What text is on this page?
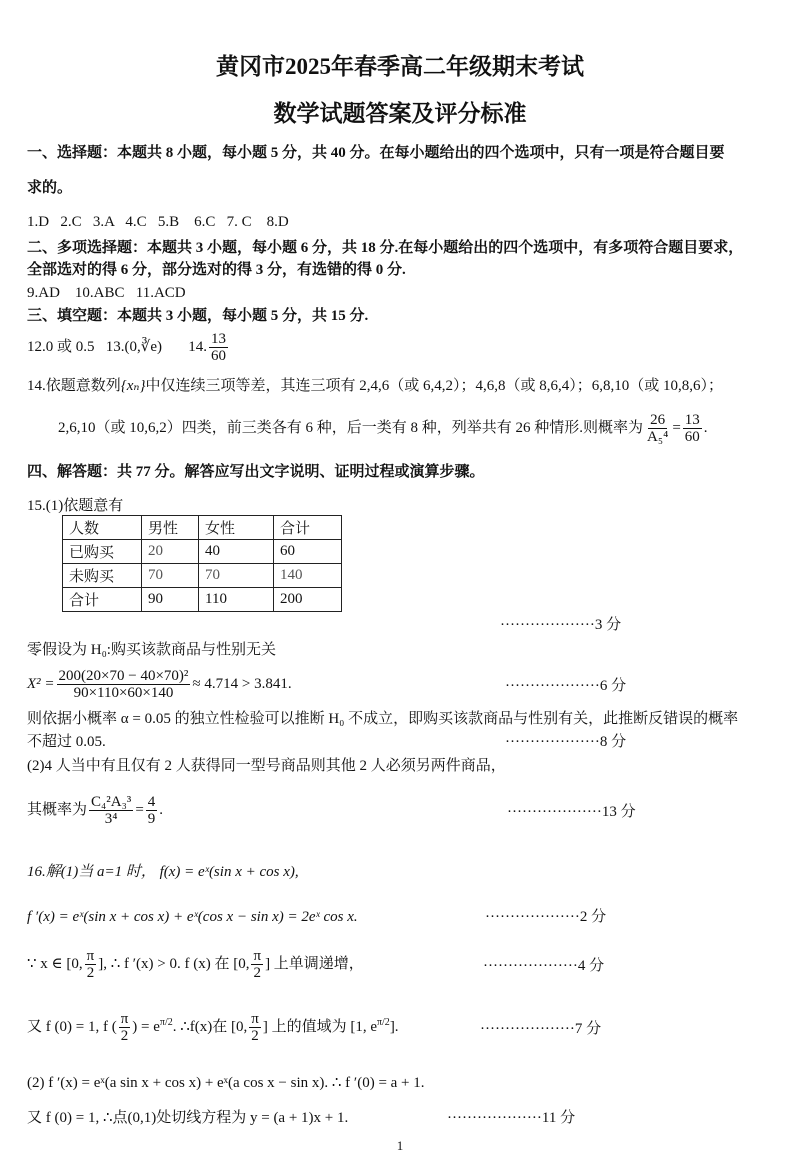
黄冈市2025年春季高二年级期末考试
数学试题答案及评分标准
一、选择题：本题共 8 小题，每小题 5 分，共 40 分。在每小题给出的四个选项中，只有一项是符合题目要
求的。
1.D   2.C   3.A   4.C   5.B    6.C   7. C    8.D
二、多项选择题：本题共 3 小题，每小题 6 分，共 18 分.在每小题给出的四个选项中，有多项符合题目要求，
全部选对的得 6 分，部分选对的得 3 分，有选错的得 0 分.
9.AD    10.ABC   11.ACD
三、填空题：本题共 3 小题，每小题 5 分，共 15 分.
12.0 或 0.5 13.(0,∛e) 14. $\frac{13}{60}$
14.依题意数列{xₙ}中仅连续三项等差，其连三项有 2,4,6（或 6,4,2）；4,6,8（或 8,6,4）；6,8,10（或 10,8,6）；
2,6,10（或 10,6,2）四类，前三类各有 6 种，后一类有 8 种，列举共有 26 种情形.则概率为 $\frac{26}{\text{A₅⁴}} = \frac{13}{60}$ .
四、解答题：共 77 分。解答应写出文字说明、证明过程或演算步骤。
15.(1)依题意有
人数	男性	女性	合计
已购买	20	40	60
未购买	70	70	140
合计	90	110	200
···················3 分
零假设为 H₀:购买该款商品与性别无关
$X^2 = \frac{\text{200(20×70 − 40×70)²}}{90\times 110\times 60\times 140} \approx 4.714 > 3.841$.	···················6 分
则依据小概率 α = 0.05 的独立性检验可以推断 H₀ 不成立，即购买该款商品与性别有关，此推断反错误的概率
不超过 0.05.	···················8 分
(2)4 人当中有且仅有 2 人获得同一型号商品则其他 2 人必须另两件商品，
其概率为 $\frac{\text{C₄²A₃³}}{\text{3⁴}} = \frac{4}{9}$ .	···················13 分
16.解(1)当 a=1 时， f(x) = eˣ(sin x + cos x),
f ′(x) = eˣ(sin x + cos x) + eˣ(cos x − sin x) = 2eˣ cos x.	···················2 分
∵ x ∈ [0, $\frac{\pi}{2}$ ], ∴ f ′(x) > 0. f (x) 在 [0, $\frac{\pi}{2}$ ] 上单调递增，	···················4 分
又 f (0) = 1, f ( $\frac{\pi}{2}$ ) = $e^{\pi/2}$. ∴f(x)在 [0, $\frac{\pi}{2}$ ] 上的值域为 [1, $e^{\pi/2}$].	···················7 分
(2) f ′(x) = eˣ(a sin x + cos x) + eˣ(a cos x − sin x). ∴ f ′(0) = a + 1.
又 f (0) = 1, ∴点(0,1)处切线方程为 y = (a + 1)x + 1.	···················11 分
1
